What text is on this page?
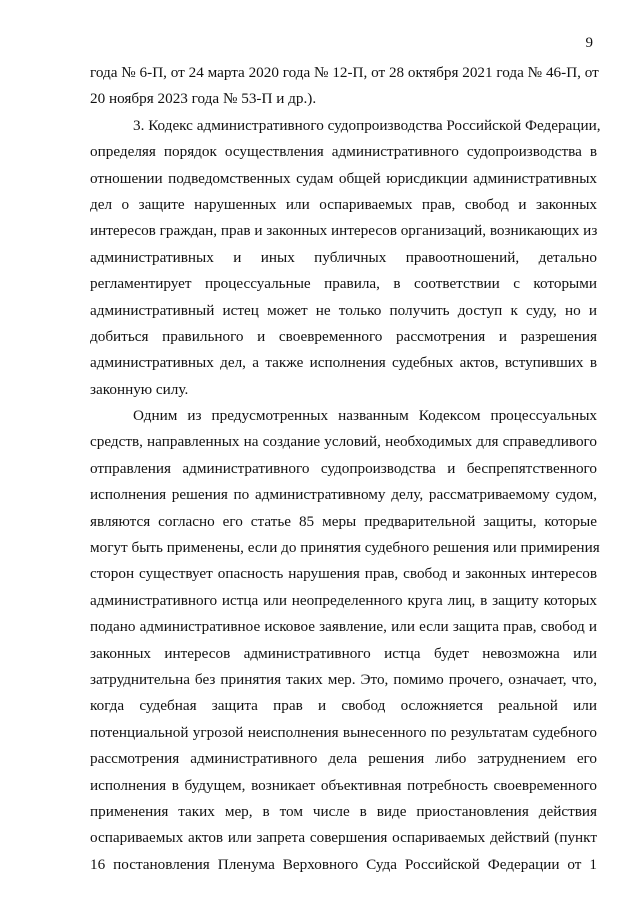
9
года № 6-П, от 24 марта 2020 года № 12-П, от 28 октября 2021 года № 46-П, от
20 ноября 2023 года № 53-П и др.).
3. Кодекс административного судопроизводства Российской Федерации,
определяя порядок осуществления административного судопроизводства в
отношении подведомственных судам общей юрисдикции административных
дел о защите нарушенных или оспариваемых прав, свобод и законных
интересов граждан, прав и законных интересов организаций, возникающих из
административных и иных публичных правоотношений, детально
регламентирует процессуальные правила, в соответствии с которыми
административный истец может не только получить доступ к суду, но и
добиться правильного и своевременного рассмотрения и разрешения
административных дел, а также исполнения судебных актов, вступивших в
законную силу.
Одним из предусмотренных названным Кодексом процессуальных
средств, направленных на создание условий, необходимых для справедливого
отправления административного судопроизводства и беспрепятственного
исполнения решения по административному делу, рассматриваемому судом,
являются согласно его статье 85 меры предварительной защиты, которые
могут быть применены, если до принятия судебного решения или примирения
сторон существует опасность нарушения прав, свобод и законных интересов
административного истца или неопределенного круга лиц, в защиту которых
подано административное исковое заявление, или если защита прав, свобод и
законных интересов административного истца будет невозможна или
затруднительна без принятия таких мер. Это, помимо прочего, означает, что,
когда судебная защита прав и свобод осложняется реальной или
потенциальной угрозой неисполнения вынесенного по результатам судебного
рассмотрения административного дела решения либо затруднением его
исполнения в будущем, возникает объективная потребность своевременного
применения таких мер, в том числе в виде приостановления действия
оспариваемых актов или запрета совершения оспариваемых действий (пункт
16 постановления Пленума Верховного Суда Российской Федерации от 1
